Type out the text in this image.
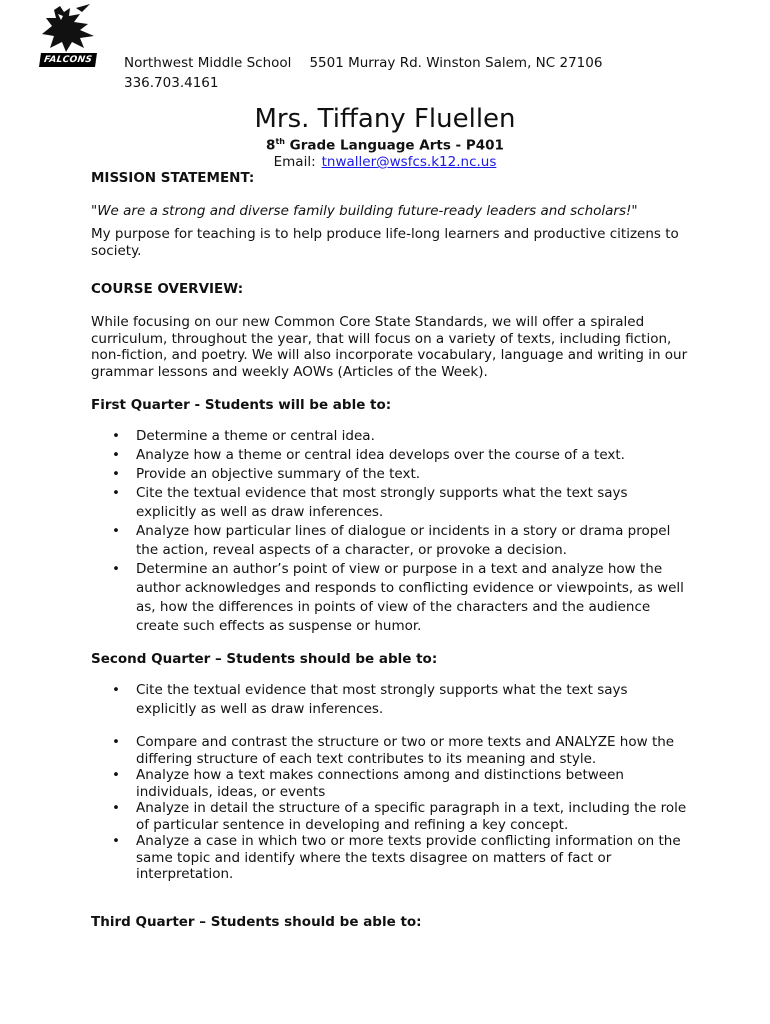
FALCONS	Northwest Middle School 5501 Murray Rd. Winston Salem, NC 27106
336.703.4161
Mrs. Tiffany Fluellen
8th Grade Language Arts - P401
Email: tnwaller@wsfcs.k12.nc.us
MISSION STATEMENT:
"We are a strong and diverse family building future-ready leaders and scholars!"
My purpose for teaching is to help produce life-long learners and productive citizens to society.
COURSE OVERVIEW:
While focusing on our new Common Core State Standards, we will offer a spiraled curriculum, throughout the year, that will focus on a variety of texts, including fiction, non-fiction, and poetry. We will also incorporate vocabulary, language and writing in our grammar lessons and weekly AOWs (Articles of the Week).
First Quarter - Students will be able to:
• Determine a theme or central idea.
• Analyze how a theme or central idea develops over the course of a text.
• Provide an objective summary of the text.
• Cite the textual evidence that most strongly supports what the text says explicitly as well as draw inferences.
• Analyze how particular lines of dialogue or incidents in a story or drama propel the action, reveal aspects of a character, or provoke a decision.
• Determine an author’s point of view or purpose in a text and analyze how the author acknowledges and responds to conflicting evidence or viewpoints, as well as, how the differences in points of view of the characters and the audience create such effects as suspense or humor.
Second Quarter – Students should be able to:
• Cite the textual evidence that most strongly supports what the text says explicitly as well as draw inferences.
• Compare and contrast the structure or two or more texts and ANALYZE how the differing structure of each text contributes to its meaning and style.
• Analyze how a text makes connections among and distinctions between individuals, ideas, or events
• Analyze in detail the structure of a specific paragraph in a text, including the role of particular sentence in developing and refining a key concept.
• Analyze a case in which two or more texts provide conflicting information on the same topic and identify where the texts disagree on matters of fact or interpretation.
Third Quarter – Students should be able to:
